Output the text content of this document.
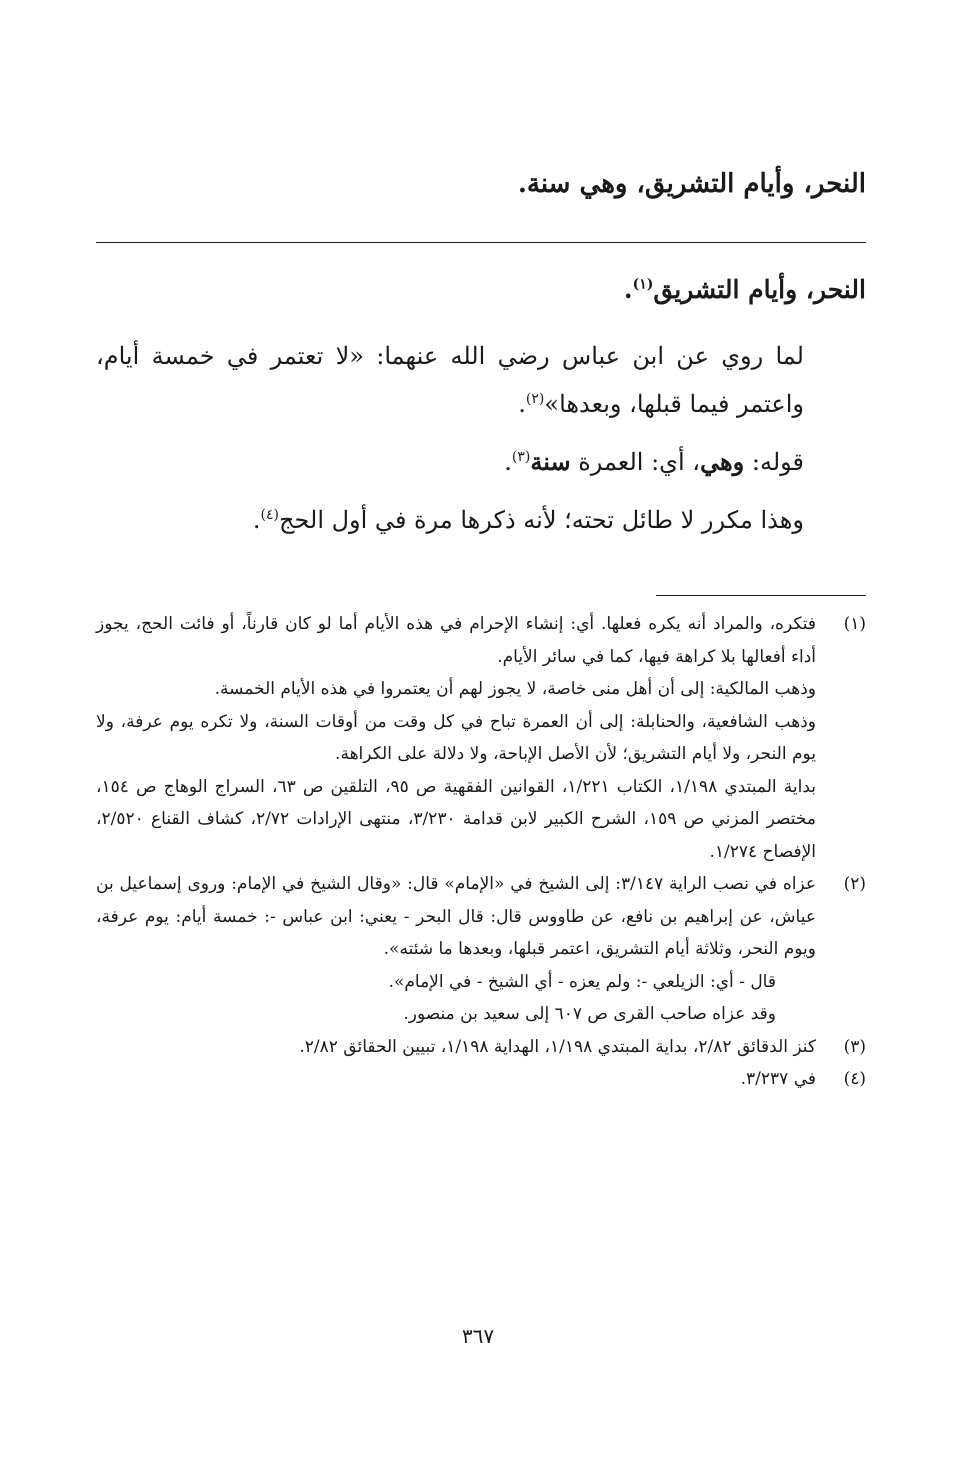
النحر، وأيام التشريق، وهي سنة.

النحر، وأيام التشريق$^{(١)}$.

لما روي عن ابن عباس رضي الله عنهما: «لا تعتمر في خمسة أيام، واعتمر فيما قبلها، وبعدها»$^{(٢)}$.

قوله: وهي، أي: العمرة سنة$^{(٣)}$.

وهذا مكرر لا طائل تحته؛ لأنه ذكرها مرة في أول الحج$^{(٤)}$.

(١)

فتكره، والمراد أنه يكره فعلها. أي: إنشاء الإحرام في هذه الأيام أما لو كان قارناً، أو فائت الحج، يجوز أداء أفعالها بلا كراهة فيها، كما في سائر الأيام.

وذهب المالكية: إلى أن أهل منى خاصة، لا يجوز لهم أن يعتمروا في هذه الأيام الخمسة.

وذهب الشافعية، والحنابلة: إلى أن العمرة تباح في كل وقت من أوقات السنة، ولا تكره يوم عرفة، ولا يوم النحر، ولا أيام التشريق؛ لأن الأصل الإباحة، ولا دلالة على الكراهة.

بداية المبتدي ١/١٩٨، الكتاب ١/٢٢١، القوانين الفقهية ص ٩٥، التلقين ص ٦٣، السراج الوهاج ص ١٥٤، مختصر المزني ص ١٥٩، الشرح الكبير لابن قدامة ٣/٢٣٠، منتهى الإرادات ٢/٧٢، كشاف القناع ٢/٥٢٠، الإفصاح ١/٢٧٤.

(٢)

عزاه في نصب الراية ٣/١٤٧: إلى الشيخ في «الإمام» قال: «وقال الشيخ في الإمام: وروى إسماعيل بن عياش، عن إبراهيم بن نافع، عن طاووس قال: قال البحر - يعني: ابن عباس -: خمسة أيام: يوم عرفة، ويوم النحر، وثلاثة أيام التشريق، اعتمر قبلها، وبعدها ما شئته».

قال - أي: الزيلعي -: ولم يعزه - أي الشيخ - في الإمام».

وقد عزاه صاحب القرى ص ٦٠٧ إلى سعيد بن منصور.

(٣)

كنز الدقائق ٢/٨٢، بداية المبتدي ١/١٩٨، الهداية ١/١٩٨، تبيين الحقائق ٢/٨٢.

(٤)

في ٣/٢٣٧.

٣٦٧
